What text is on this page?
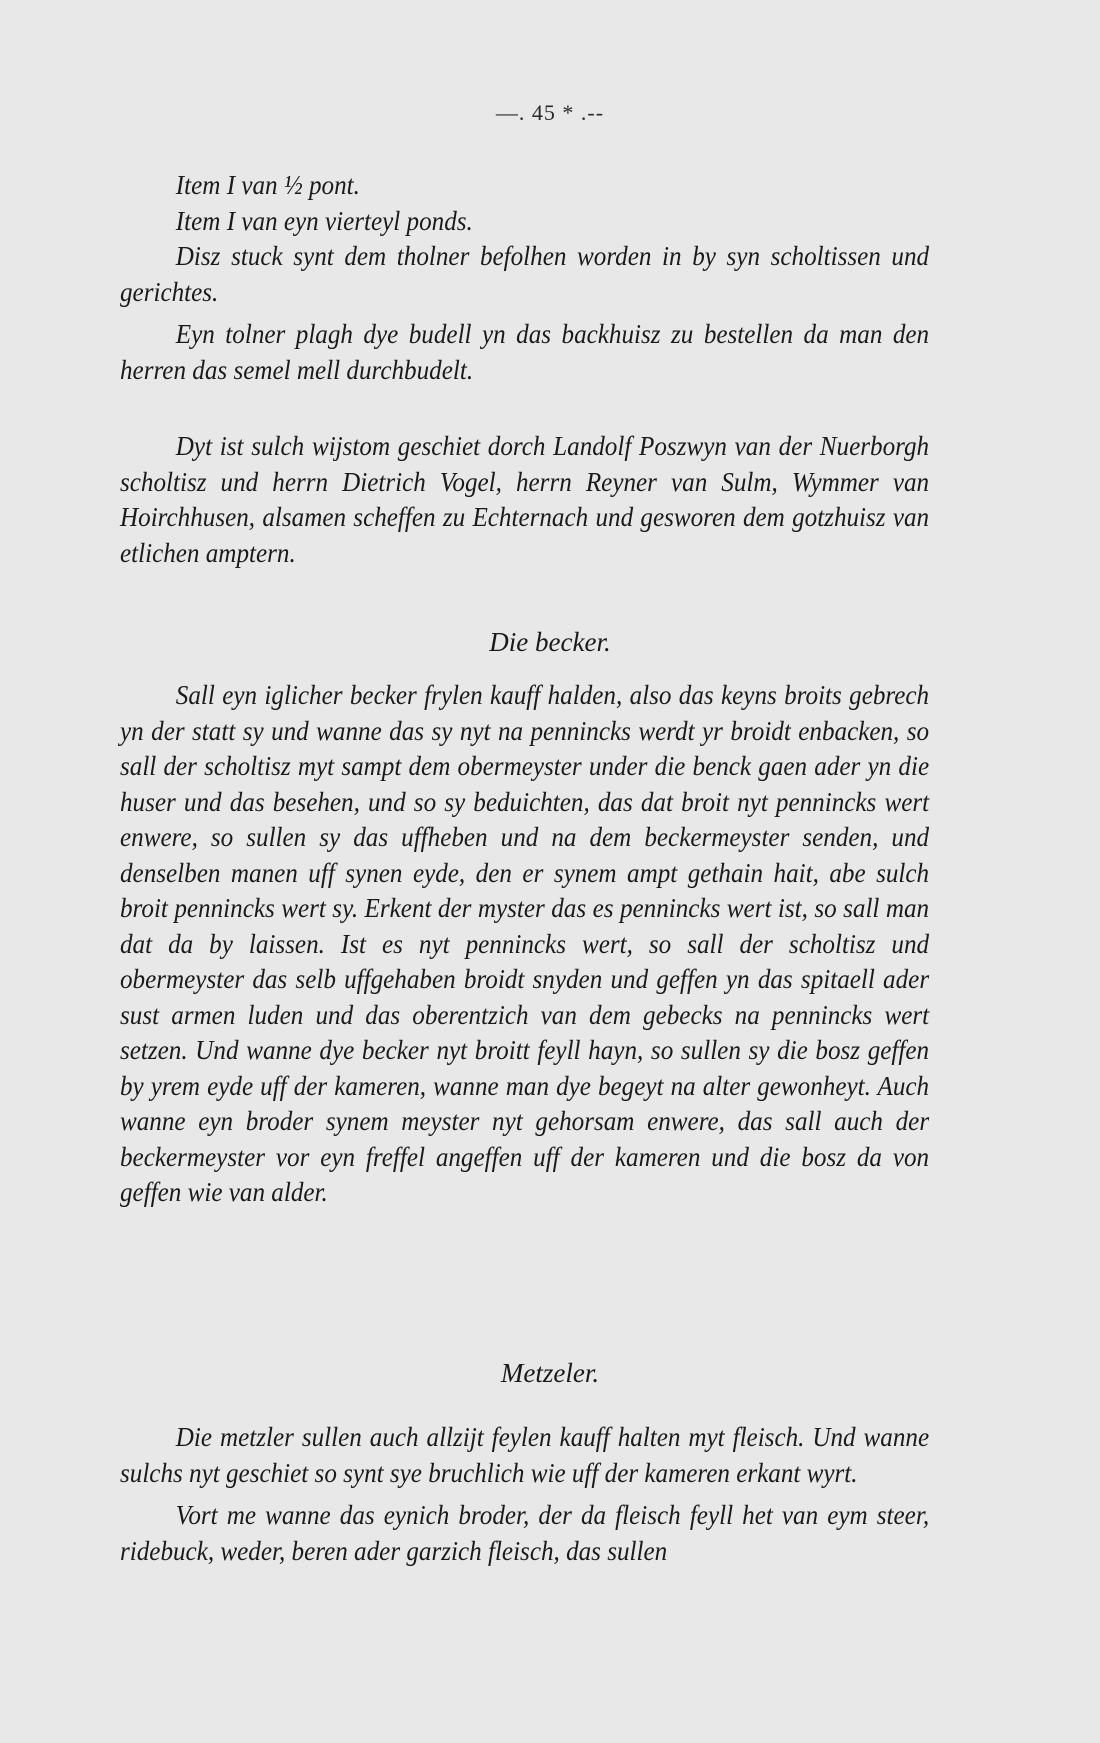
—. 45 * .--

Item I van ½ pont.

Item I van eyn vierteyl ponds.

Disz stuck synt dem tholner befolhen worden in by syn scholtissen und gerichtes.

Eyn tolner plagh dye budell yn das backhuisz zu bestellen da man den herren das semel mell durchbudelt.

Dyt ist sulch wijstom geschiet dorch Landolf Poszwyn van der Nuerborgh scholtisz und herrn Dietrich Vogel, herrn Reyner van Sulm, Wymmer van Hoirchhusen, alsamen scheffen zu Echternach und gesworen dem gotzhuisz van etlichen amptern.

Die becker.

Sall eyn iglicher becker frylen kauff halden, also das keyns broits gebrech yn der statt sy und wanne das sy nyt na pennincks werdt yr broidt enbacken, so sall der scholtisz myt sampt dem obermeyster under die benck gaen ader yn die huser und das besehen, und so sy beduichten, das dat broit nyt pennincks wert enwere, so sullen sy das uffheben und na dem beckermeyster senden, und denselben manen uff synen eyde, den er synem ampt gethain hait, abe sulch broit pennincks wert sy. Erkent der myster das es pennincks wert ist, so sall man dat da by laissen. Ist es nyt pennincks wert, so sall der scholtisz und obermeyster das selb uffgehaben broidt snyden und geffen yn das spitaell ader sust armen luden und das oberentzich van dem gebecks na pennincks wert setzen. Und wanne dye becker nyt broitt feyll hayn, so sullen sy die bosz geffen by yrem eyde uff der kameren, wanne man dye begeyt na alter gewonheyt. Auch wanne eyn broder synem meyster nyt gehorsam enwere, das sall auch der beckermeyster vor eyn freffel angeffen uff der kameren und die bosz da von geffen wie van alder.

Metzeler.

Die metzler sullen auch allzijt feylen kauff halten myt fleisch. Und wanne sulchs nyt geschiet so synt sye bruchlich wie uff der kameren erkant wyrt.

Vort me wanne das eynich broder, der da fleisch feyll het van eym steer, ridebuck, weder, beren ader garzich fleisch, das sullen
